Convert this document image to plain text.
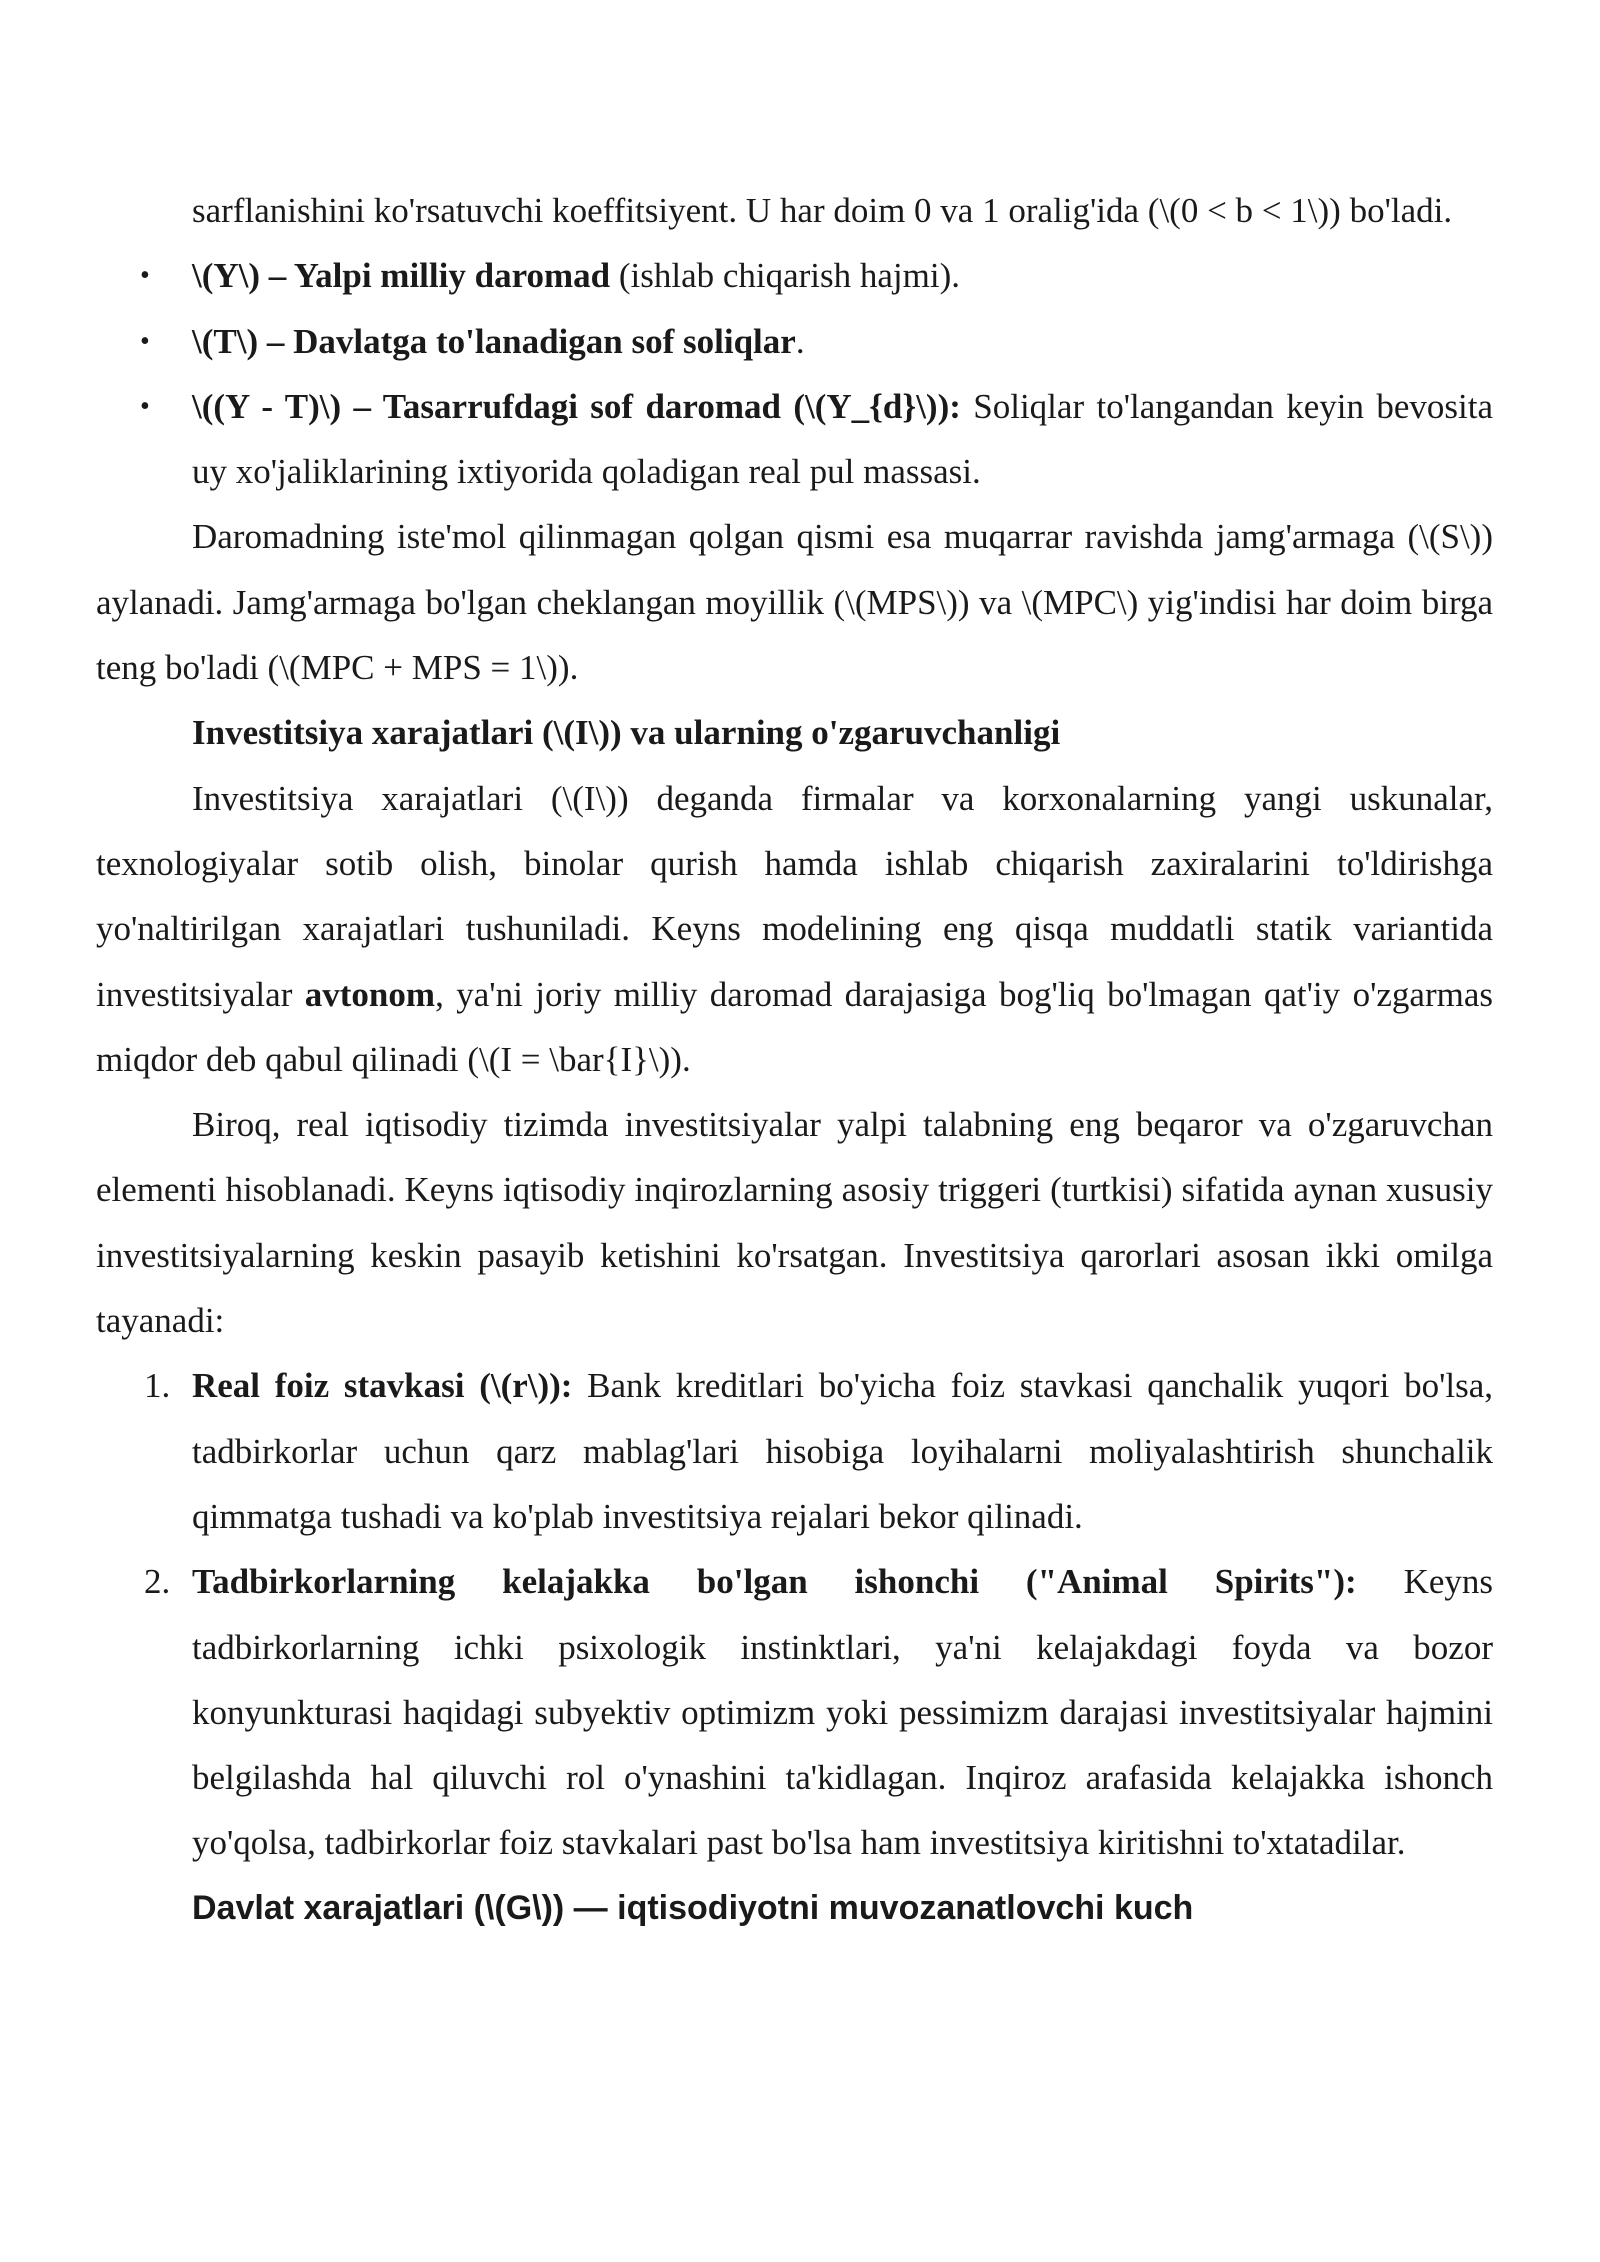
sarflanishini ko'rsatuvchi koeffitsiyent. U har doim 0 va 1 oralig'ida (\(0 < b < 1\)) bo'ladi.

• \(Y\) – Yalpi milliy daromad (ishlab chiqarish hajmi).
• \(T\) – Davlatga to'lanadigan sof soliqlar.
• \((Y - T)\) – Tasarrufdagi sof daromad (\(Y_{d}\)): Soliqlar to'langandan keyin bevosita uy xo'jaliklarining ixtiyorida qoladigan real pul massasi.

Daromadning iste'mol qilinmagan qolgan qismi esa muqarrar ravishda jamg'armaga (\(S\)) aylanadi. Jamg'armaga bo'lgan cheklangan moyillik (\(MPS\)) va \(MPC\) yig'indisi har doim birga teng bo'ladi (\(MPC + MPS = 1\)).

Investitsiya xarajatlari (\(I\)) va ularning o'zgaruvchanligi

Investitsiya xarajatlari (\(I\)) deganda firmalar va korxonalarning yangi uskunalar, texnologiyalar sotib olish, binolar qurish hamda ishlab chiqarish zaxiralarini to'ldirishga yo'naltirilgan xarajatlari tushuniladi. Keyns modelining eng qisqa muddatli statik variantida investitsiyalar avtonom, ya'ni joriy milliy daromad darajasiga bog'liq bo'lmagan qat'iy o'zgarmas miqdor deb qabul qilinadi (\(I = \bar{I}\)).

Biroq, real iqtisodiy tizimda investitsiyalar yalpi talabning eng beqaror va o'zgaruvchan elementi hisoblanadi. Keyns iqtisodiy inqirozlarning asosiy triggeri (turtkisi) sifatida aynan xususiy investitsiyalarning keskin pasayib ketishini ko'rsatgan. Investitsiya qarorlari asosan ikki omilga tayanadi:

1. Real foiz stavkasi (\(r\)): Bank kreditlari bo'yicha foiz stavkasi qanchalik yuqori bo'lsa, tadbirkorlar uchun qarz mablag'lari hisobiga loyihalarni moliyalashtirish shunchalik qimmatga tushadi va ko'plab investitsiya rejalari bekor qilinadi.
2. Tadbirkorlarning kelajakka bo'lgan ishonchi ("Animal Spirits"): Keyns tadbirkorlarning ichki psixologik instinktlari, ya'ni kelajakdagi foyda va bozor konyunkturasi haqidagi subyektiv optimizm yoki pessimizm darajasi investitsiyalar hajmini belgilashda hal qiluvchi rol o'ynashini ta'kidlagan. Inqiroz arafasida kelajakka ishonch yo'qolsa, tadbirkorlar foiz stavkalari past bo'lsa ham investitsiya kiritishni to'xtatadilar.
Davlat xarajatlari (\(G\)) — iqtisodiyotni muvozanatlovchi kuch
